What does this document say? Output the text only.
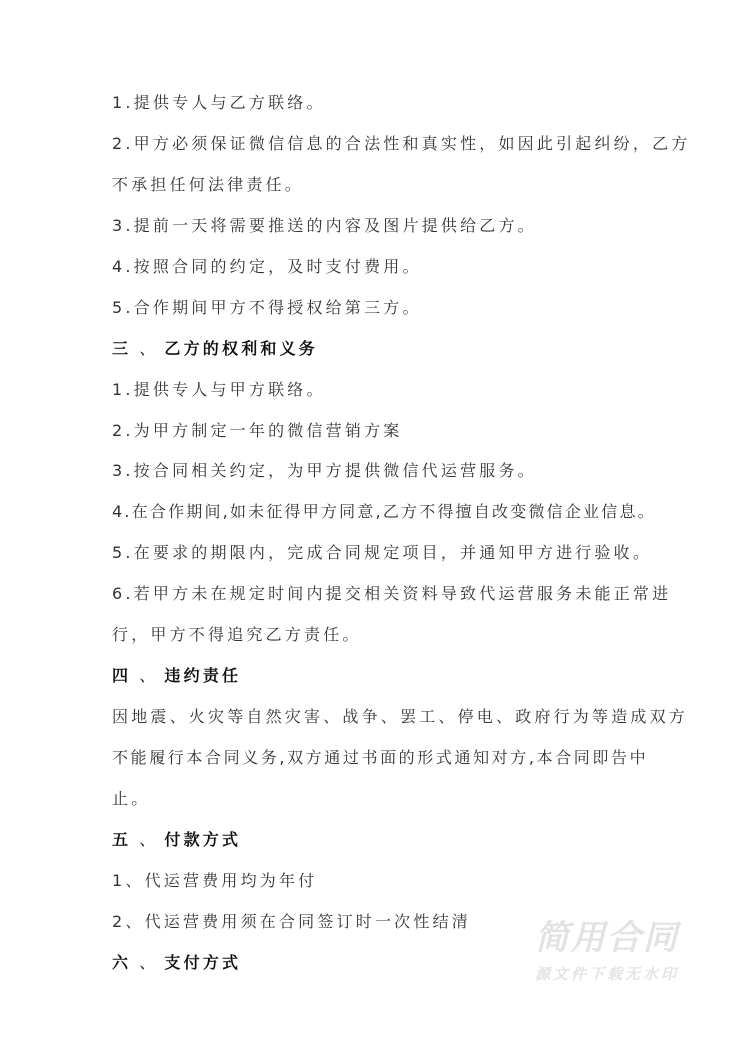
1.提供专人与乙方联络。
2.甲方必须保证微信信息的合法性和真实性，如因此引起纠纷，乙方
不承担任何法律责任。
3.提前一天将需要推送的内容及图片提供给乙方。
4.按照合同的约定，及时支付费用。
5.合作期间甲方不得授权给第三方。
三 、 乙方的权利和义务
1.提供专人与甲方联络。
2.为甲方制定一年的微信营销方案
3.按合同相关约定，为甲方提供微信代运营服务。
4.在合作期间,如未征得甲方同意,乙方不得擅自改变微信企业信息。
5.在要求的期限内，完成合同规定项目，并通知甲方进行验收。
6.若甲方未在规定时间内提交相关资料导致代运营服务未能正常进
行，甲方不得追究乙方责任。
四 、 违约责任
因地震、火灾等自然灾害、战争、罢工、停电、政府行为等造成双方
不能履行本合同义务,双方通过书面的形式通知对方,本合同即告中
止。
五 、 付款方式
1、代运营费用均为年付
2、代运营费用须在合同签订时一次性结清
六 、 支付方式
简用合同
源文件下载无水印
